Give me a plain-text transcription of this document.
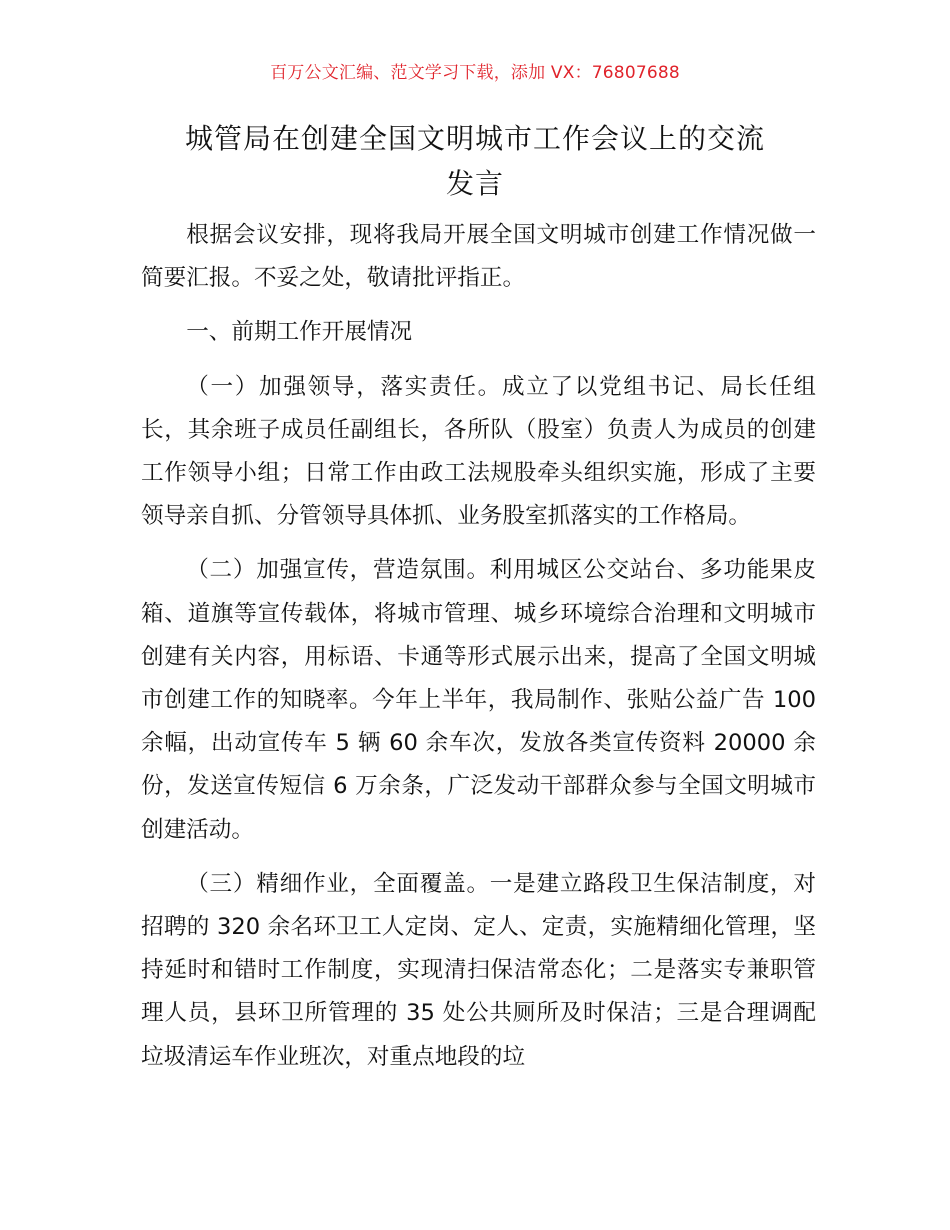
百万公文汇编、范文学习下载，添加 VX：76807688
城管局在创建全国文明城市工作会议上的交流
发言

根据会议安排，现将我局开展全国文明城市创建工作情况做一简要汇报。不妥之处，敬请批评指正。

一、前期工作开展情况

（一）加强领导，落实责任。成立了以党组书记、局长任组长，其余班子成员任副组长，各所队（股室）负责人为成员的创建工作领导小组；日常工作由政工法规股牵头组织实施，形成了主要领导亲自抓、分管领导具体抓、业务股室抓落实的工作格局。

（二）加强宣传，营造氛围。利用城区公交站台、多功能果皮箱、道旗等宣传载体，将城市管理、城乡环境综合治理和文明城市创建有关内容，用标语、卡通等形式展示出来，提高了全国文明城市创建工作的知晓率。今年上半年，我局制作、张贴公益广告 100 余幅，出动宣传车 5 辆 60 余车次，发放各类宣传资料 20000 余份，发送宣传短信 6 万余条，广泛发动干部群众参与全国文明城市创建活动。

（三）精细作业，全面覆盖。一是建立路段卫生保洁制度，对招聘的 320 余名环卫工人定岗、定人、定责，实施精细化管理，坚持延时和错时工作制度，实现清扫保洁常态化；二是落实专兼职管理人员，县环卫所管理的 35 处公共厕所及时保洁；三是合理调配垃圾清运车作业班次，对重点地段的垃
